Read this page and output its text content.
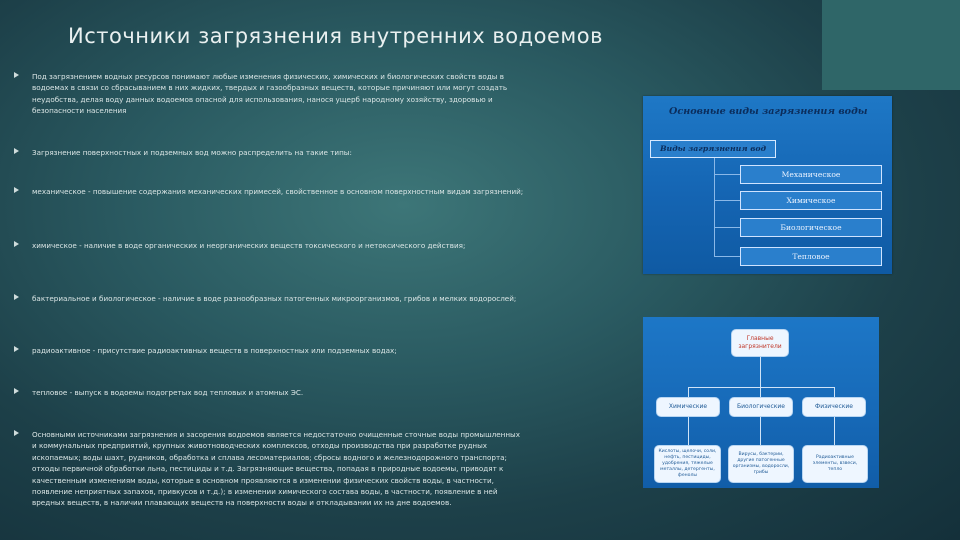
Источники загрязнения внутренних водоемов
Под загрязнением водных ресурсов понимают любые изменения физических, химических и биологических свойств воды в водоемах в связи со сбрасыванием в них жидких, твердых и газообразных веществ, которые причиняют или могут создать неудобства, делая воду данных водоемов опасной для использования, нанося ущерб народному хозяйству, здоровью и безопасности населения
Загрязнение поверхностных и подземных вод можно распределить на такие типы:
механическое - повышение содержания механических примесей, свойственное в основном поверхностным видам загрязнений;
химическое - наличие в воде органических и неорганических веществ токсического и нетоксического действия;
бактериальное и биологическое - наличие в воде разнообразных патогенных микроорганизмов, грибов и мелких водорослей;
радиоактивное - присутствие радиоактивных веществ в поверхностных или подземных водах;
тепловое - выпуск в водоемы подогретых вод тепловых и атомных ЭС.
Основными источниками загрязнения и засорения водоемов является недостаточно очищенные сточные воды промышленных и коммунальных предприятий, крупных животноводческих комплексов, отходы производства при разработке рудных ископаемых; воды шахт, рудников, обработка и сплава лесоматериалов; сбросы водного и железнодорожного транспорта; отходы первичной обработки льна, пестициды и т.д. Загрязняющие вещества, попадая в природные водоемы, приводят к качественным изменениям воды, которые в основном проявляются в изменении физических свойств воды, в частности, появление неприятных запахов, привкусов и т.д.); в изменении химического состава воды, в частности, появление в ней вредных веществ, в наличии плавающих веществ на поверхности воды и откладывании их на дне водоемов.
Основные виды загрязнения воды
Виды загрязнения вод
Механическое
Химическое
Биологическое
Тепловое
Главные загрязнители
Химические	Биологические	Физические
Кислоты, щелочи, соли, нефть, пестициды, удобрения, тяжелые металлы, детергенты, фенолы
Вирусы, бактерии, другие патогенные организмы, водоросли, грибы
Радиоактивные элементы, взвеси, тепло
